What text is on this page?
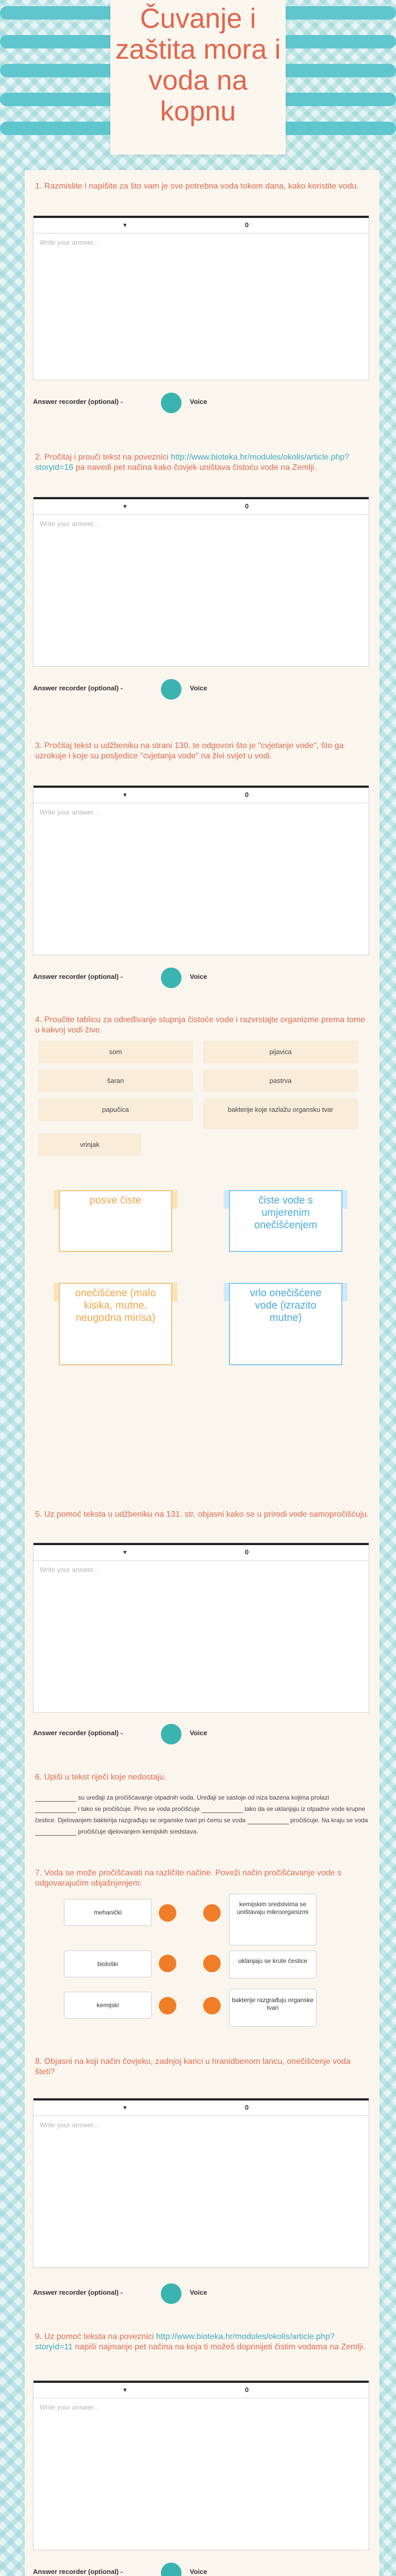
Čuvanje i zaštita mora i voda na kopnu

1. Razmislite i napišite za što vam je sve potrebna voda tokom dana, kako koristite vodu.

▾	0
Write your answer...
Answer recorder (optional) -	Voice

2. Pročitaj i prouči tekst na poveznici http://www.bioteka.hr/modules/okolis/article.php?storyid=16 pa navedi pet načina kako čovjek uništava čistoću vode na Zemlji.

▾	0
Write your answer...
Answer recorder (optional) -	Voice

3. Pročitaj tekst u udžbeniku na strani 130. te odgovori što je "cvjetanje vode", što ga uzrokuje i koje su posljedice "cvjetanja vode" na živi svijet u vodi.

▾	0
Write your answer...
Answer recorder (optional) -	Voice

4. Proučite tablicu za određivanje stupnja čistoće vode i razvrstajte organizme prema tome u kakvoj vodi žive.

som	pijavica
šaran	pastrva
papučica	bakterije koje razlažu organsku tvar
vrinjak
posve čiste	čiste vode s umjerenim onečišćenjem
onečišćene (malo kisika, mutne, neugodna mirisa)
vrlo onečišćene vode (izrazito mutne)

5. Uz pomoć teksta u udžbeniku na 131. str. objasni kako se u prirodi vode samopročišćuju.

▾	0
Write your answer...
Answer recorder (optional) -	Voice

6. Upiši u tekst riječi koje nedostaju.

su uređaji za pročišćavanje otpadnih voda. Uređaji se sastoje od niza bazena kojima prolazi  i tako se pročišćuje. Prvo se voda pročišćuje	tako da se uklanjaju iz otpadne vode krupne čestice. Djelovanjem bakterija razgrađuju se organske tvari pri čemu se voda	pročišćuje. Na kraju se voda  pročišćuje djelovanjem kemijskih sredstava.

7. Voda se može pročišćavati na različite načine. Poveži način pročišćavanje vode s odgovarajućim objašnjenjem:

mehanički
kemijskim sredstvima se uništavaju mikroorganizmi
biološki	uklanjaju se krute čestice
kemijski
bakterije razgrađuju organske tvari

8. Objasni na koji način čovjeku, zadnjoj karici u hranidbenom lancu, onečišćenje voda šteti?

▾	0
Write your answer...
Answer recorder (optional) -	Voice

9. Uz pomoć teksta na poveznici http://www.bioteka.hr/modules/okolis/article.php?storyid=11 napiši najmanje pet načina na koja ti možeš doprinijeti čistim vodama na Zemlji.

▾	0
Write your answer...
Answer recorder (optional) -	Voice
